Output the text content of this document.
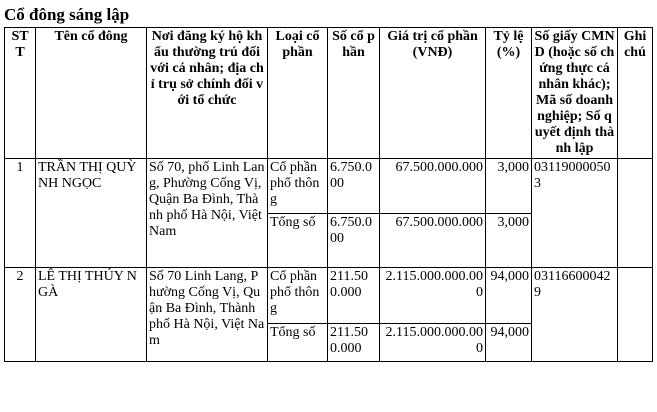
Cổ đông sáng lập
STT	Tên cổ đông	Nơi đăng ký hộ khẩu thường trú đối với cá nhân; địa chỉ trụ sở chính đối với tổ chức	Loại cổ phần	Số cổ phần	Giá trị cổ phần (VNĐ)	Tỷ lệ (%)	Số giấy CMND (hoặc số chứng thực cá nhân khác); Mã số doanh nghiệp; Số quyết định thành lập	Ghi chú
1	TRẦN THỊ QUỲNH NGỌC	Số 70, phố Linh Lang, Phường Cống Vị, Quận Ba Đình, Thành phố Hà Nội, Việt Nam	Cổ phần phổ thông	6.750.000	67.500.000.000	3,000	031190000503	
			Tổng số	6.750.000	67.500.000.000	3,000		
2	LÊ THỊ THÚY NGÀ	Số 70 Linh Lang, Phường Cống Vị, Quận Ba Đình, Thành phố Hà Nội, Việt Nam	Cổ phần phổ thông	211.500.000	2.115.000.000.000	94,000	031166000429	
			Tổng số	211.500.000	2.115.000.000.000	94,000		
